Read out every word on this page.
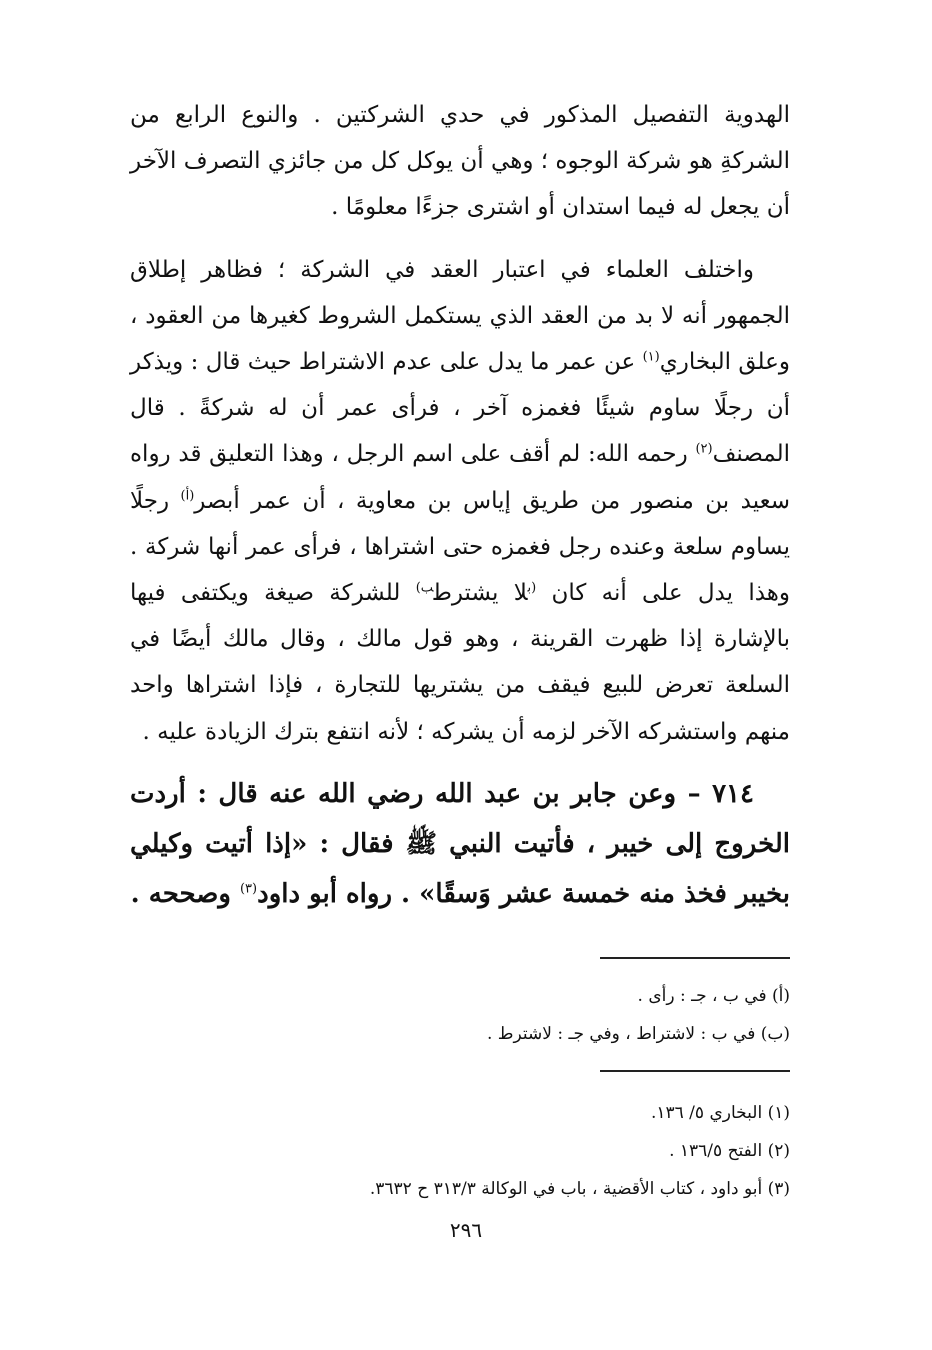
الهدوية التفصيل المذكور في حدي الشركتين . والنوع الرابع من الشركةِ هو شركة الوجوه ؛ وهي أن يوكل كل من جائزي التصرف الآخر أن يجعل له فيما استدان أو اشترى جزءًا معلومًا .

واختلف العلماء في اعتبار العقد في الشركة ؛ فظاهر إطلاق الجمهور أنه لا بد من العقد الذي يستكمل الشروط كغيرها من العقود ، وعلق البخاري$^{(١)}$ عن عمر ما يدل على عدم الاشتراط حيث قال : ويذكر أن رجلًا ساوم شيئًا فغمزه آخر ، فرأى عمر أن له شركةً . قال المصنف$^{(٢)}$ رحمه الله: لم أقف على اسم الرجل ، وهذا التعليق قد رواه سعيد بن منصور من طريق إياس بن معاوية ، أن عمر أبصر$^{(أ)}$ رجلًا يساوم سلعة وعنده رجل فغمزه حتى اشتراها ، فرأى عمر أنها شركة . وهذا يدل على أنه كان $^{(ب}$لا يشترط$^{ب)}$ للشركة صيغة ويكتفى فيها بالإشارة إذا ظهرت القرينة ، وهو قول مالك ، وقال مالك أيضًا في السلعة تعرض للبيع فيقف من يشتريها للتجارة ، فإذا اشتراها واحد منهم واستشركه الآخر لزمه أن يشركه ؛ لأنه انتفع بترك الزيادة عليه .

٧١٤ – وعن جابر بن عبد الله رضي الله عنه قال : أردت الخروج إلى خيبر ، فأتيت النبي ﷺ فقال : «إذا أتيت وكيلي بخيبر فخذ منه خمسة عشر وَسقًا» . رواه أبو داود$^{(٣)}$ وصححه .

(أ) في ب ، جـ : رأى .
(ب) في ب : لاشتراط ، وفي جـ : لاشترط .
(١) البخاري ٥/ ١٣٦.
(٢) الفتح ١٣٦/٥ .
(٣) أبو داود ، كتاب الأقضية ، باب في الوكالة ٣١٣/٣ ح ٣٦٣٢.
٢٩٦
